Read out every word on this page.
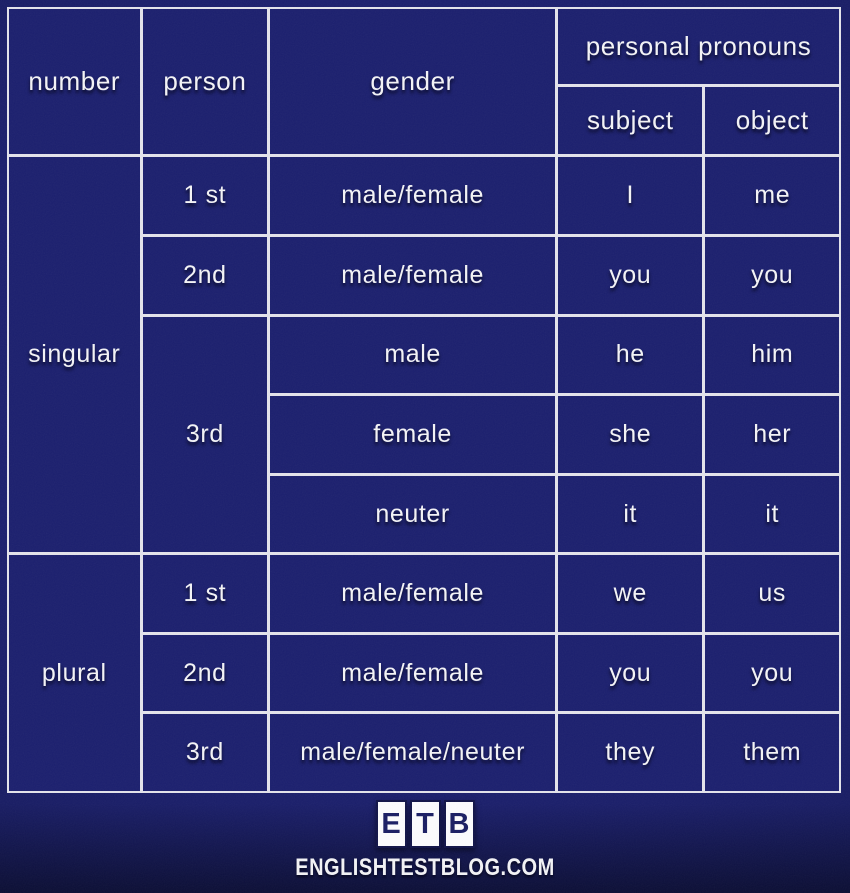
number	person	gender
personal pronouns
subject	object
singular
1 st	male/female	I	me
2nd	male/female	you	you
3rd
male	he	him
female	she	her
neuter	it	it
plural
1 st	male/female	we	us
2nd	male/female	you	you
3rd	male/female/neuter	they	them
E T B
ENGLISHTESTBLOG.COM
